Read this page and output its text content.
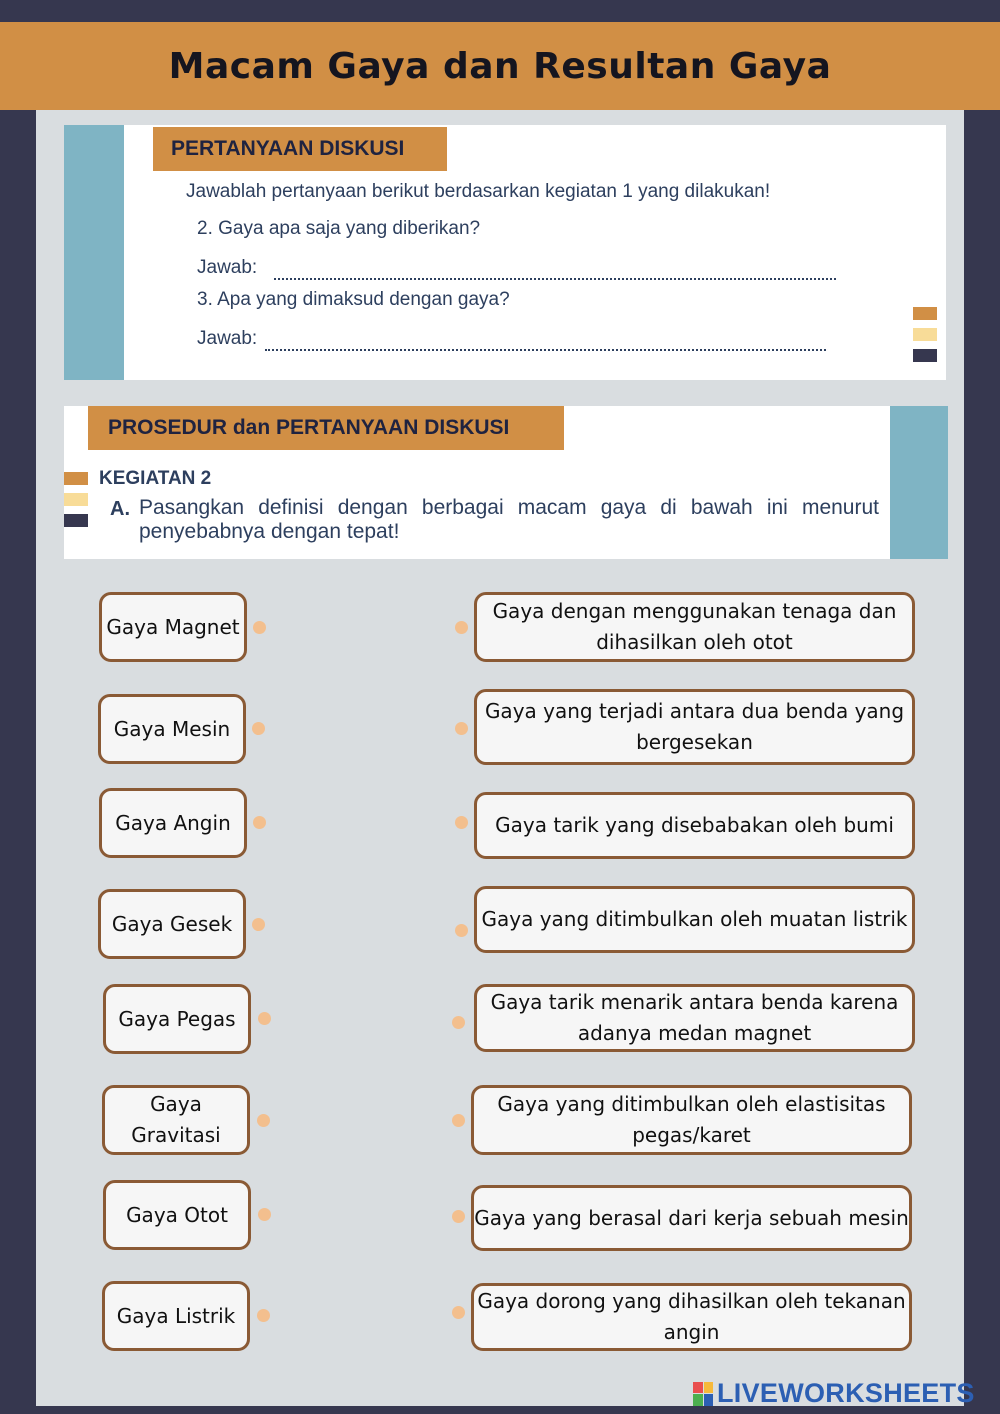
Macam Gaya dan Resultan Gaya
PERTANYAAN DISKUSI
Jawablah pertanyaan berikut berdasarkan kegiatan 1 yang dilakukan!
2. Gaya apa saja yang diberikan?
Jawab:
3. Apa yang dimaksud dengan gaya?
Jawab:
PROSEDUR dan PERTANYAAN DISKUSI
KEGIATAN 2
A. Pasangkan definisi dengan berbagai macam gaya di bawah ini menurut penyebabnya dengan tepat!
Gaya Magnet
Gaya Mesin
Gaya Angin
Gaya Gesek
Gaya Pegas
Gaya Gravitasi
Gaya Otot
Gaya Listrik
Gaya dengan menggunakan tenaga dan dihasilkan oleh otot
Gaya yang terjadi antara dua benda yang bergesekan
Gaya tarik yang disebabakan oleh bumi
Gaya yang ditimbulkan oleh muatan listrik
Gaya tarik menarik antara benda karena adanya medan magnet
Gaya yang ditimbulkan oleh elastisitas pegas/karet
Gaya yang berasal dari kerja sebuah mesin
Gaya dorong yang dihasilkan oleh tekanan angin
LIVEWORKSHEETS
